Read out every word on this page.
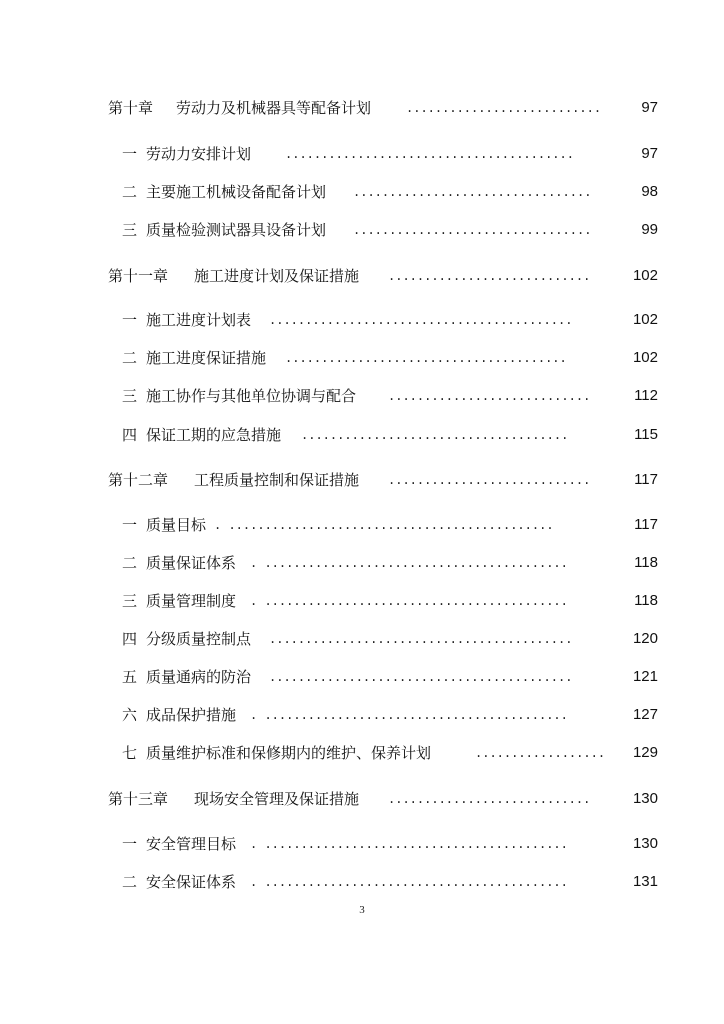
第十章 劳动力及机械器具等配备计划	...........................	97
一 劳动力安排计划	........................................	97
二 主要施工机械设备配备计划 .................................	98
三 质量检验测试器具设备计划 .................................	99
第十一章 施工进度计划及保证措施 ............................	102
一 施工进度计划表 ..........................................	102
二 施工进度保证措施 .......................................	102
三 施工协作与其他单位协调与配合	............................	112
四 保证工期的应急措施 .....................................	115
第十二章 工程质量控制和保证措施 ............................	117
一 质量目标 . .............................................	117
二 质量保证体系 . ..........................................	118
三 质量管理制度 . ..........................................	118
四 分级质量控制点 ..........................................	120
五 质量通病的防治 ..........................................	121
六 成品保护措施 . ..........................................	127
七 质量维护标准和保修期内的维护、保养计划	..................	129
第十三章 现场安全管理及保证措施 ............................	130
一 安全管理目标 . ..........................................	130
二 安全保证体系 . ..........................................	131
3
